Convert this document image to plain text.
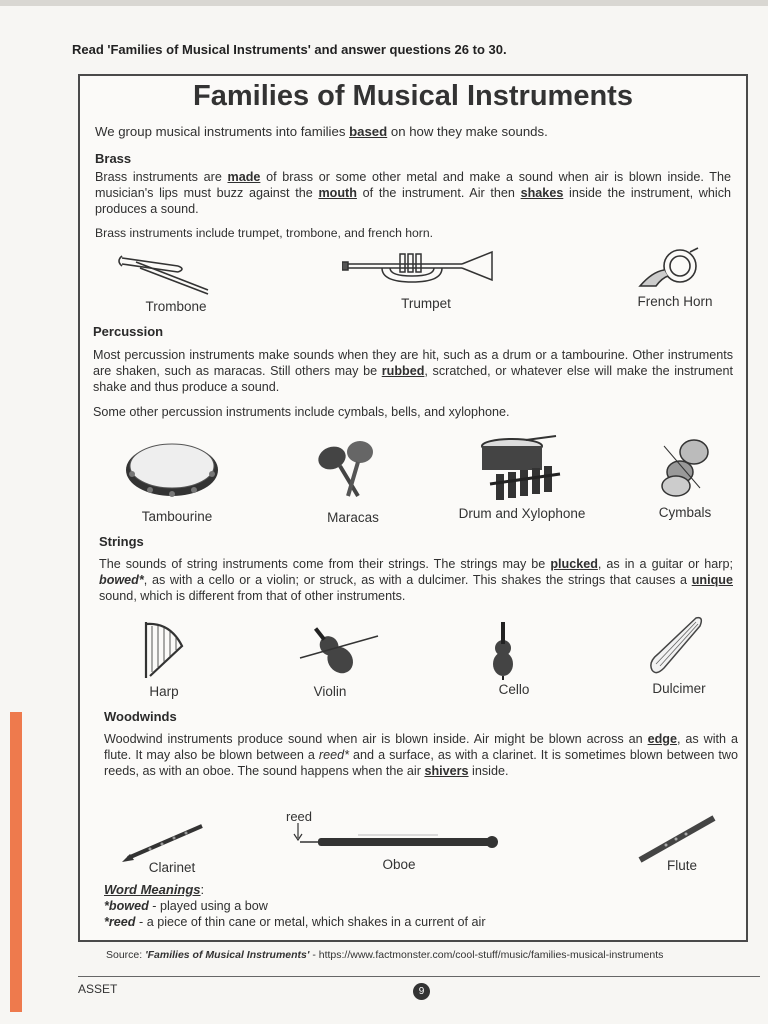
Read 'Families of Musical Instruments' and answer questions 26 to 30.
Families of Musical Instruments

We group musical instruments into families based on how they make sounds.

Brass

Brass instruments are made of brass or some other metal and make a sound when air is blown inside. The musician's lips must buzz against the mouth of the instrument. Air then shakes inside the instrument, which produces a sound.

Brass instruments include trumpet, trombone, and french horn.

Trombone	Trumpet	French Horn
Percussion

Most percussion instruments make sounds when they are hit, such as a drum or a tambourine. Other instruments are shaken, such as maracas. Still others may be rubbed, scratched, or whatever else will make the instrument shake and thus produce a sound.

Some other percussion instruments include cymbals, bells, and xylophone.

Tambourine	Maracas	Drum and Xylophone	Cymbals
Strings

The sounds of string instruments come from their strings. The strings may be plucked, as in a guitar or harp; bowed*, as with a cello or a violin; or struck, as with a dulcimer. This shakes the strings that causes a unique sound, which is different from that of other instruments.

Harp	Violin	Cello	Dulcimer
Woodwinds

Woodwind instruments produce sound when air is blown inside. Air might be blown across an edge, as with a flute. It may also be blown between a reed* and a surface, as with a clarinet. It is sometimes blown between two reeds, as with an oboe. The sound happens when the air shivers inside.

Clarinet
reed
Oboe	Flute
Word Meanings:
*bowed - played using a bow
*reed - a piece of thin cane or metal, which shakes in a current of air
Source: 'Families of Musical Instruments' - https://www.factmonster.com/cool-stuff/music/families-musical-instruments
ASSET	9
